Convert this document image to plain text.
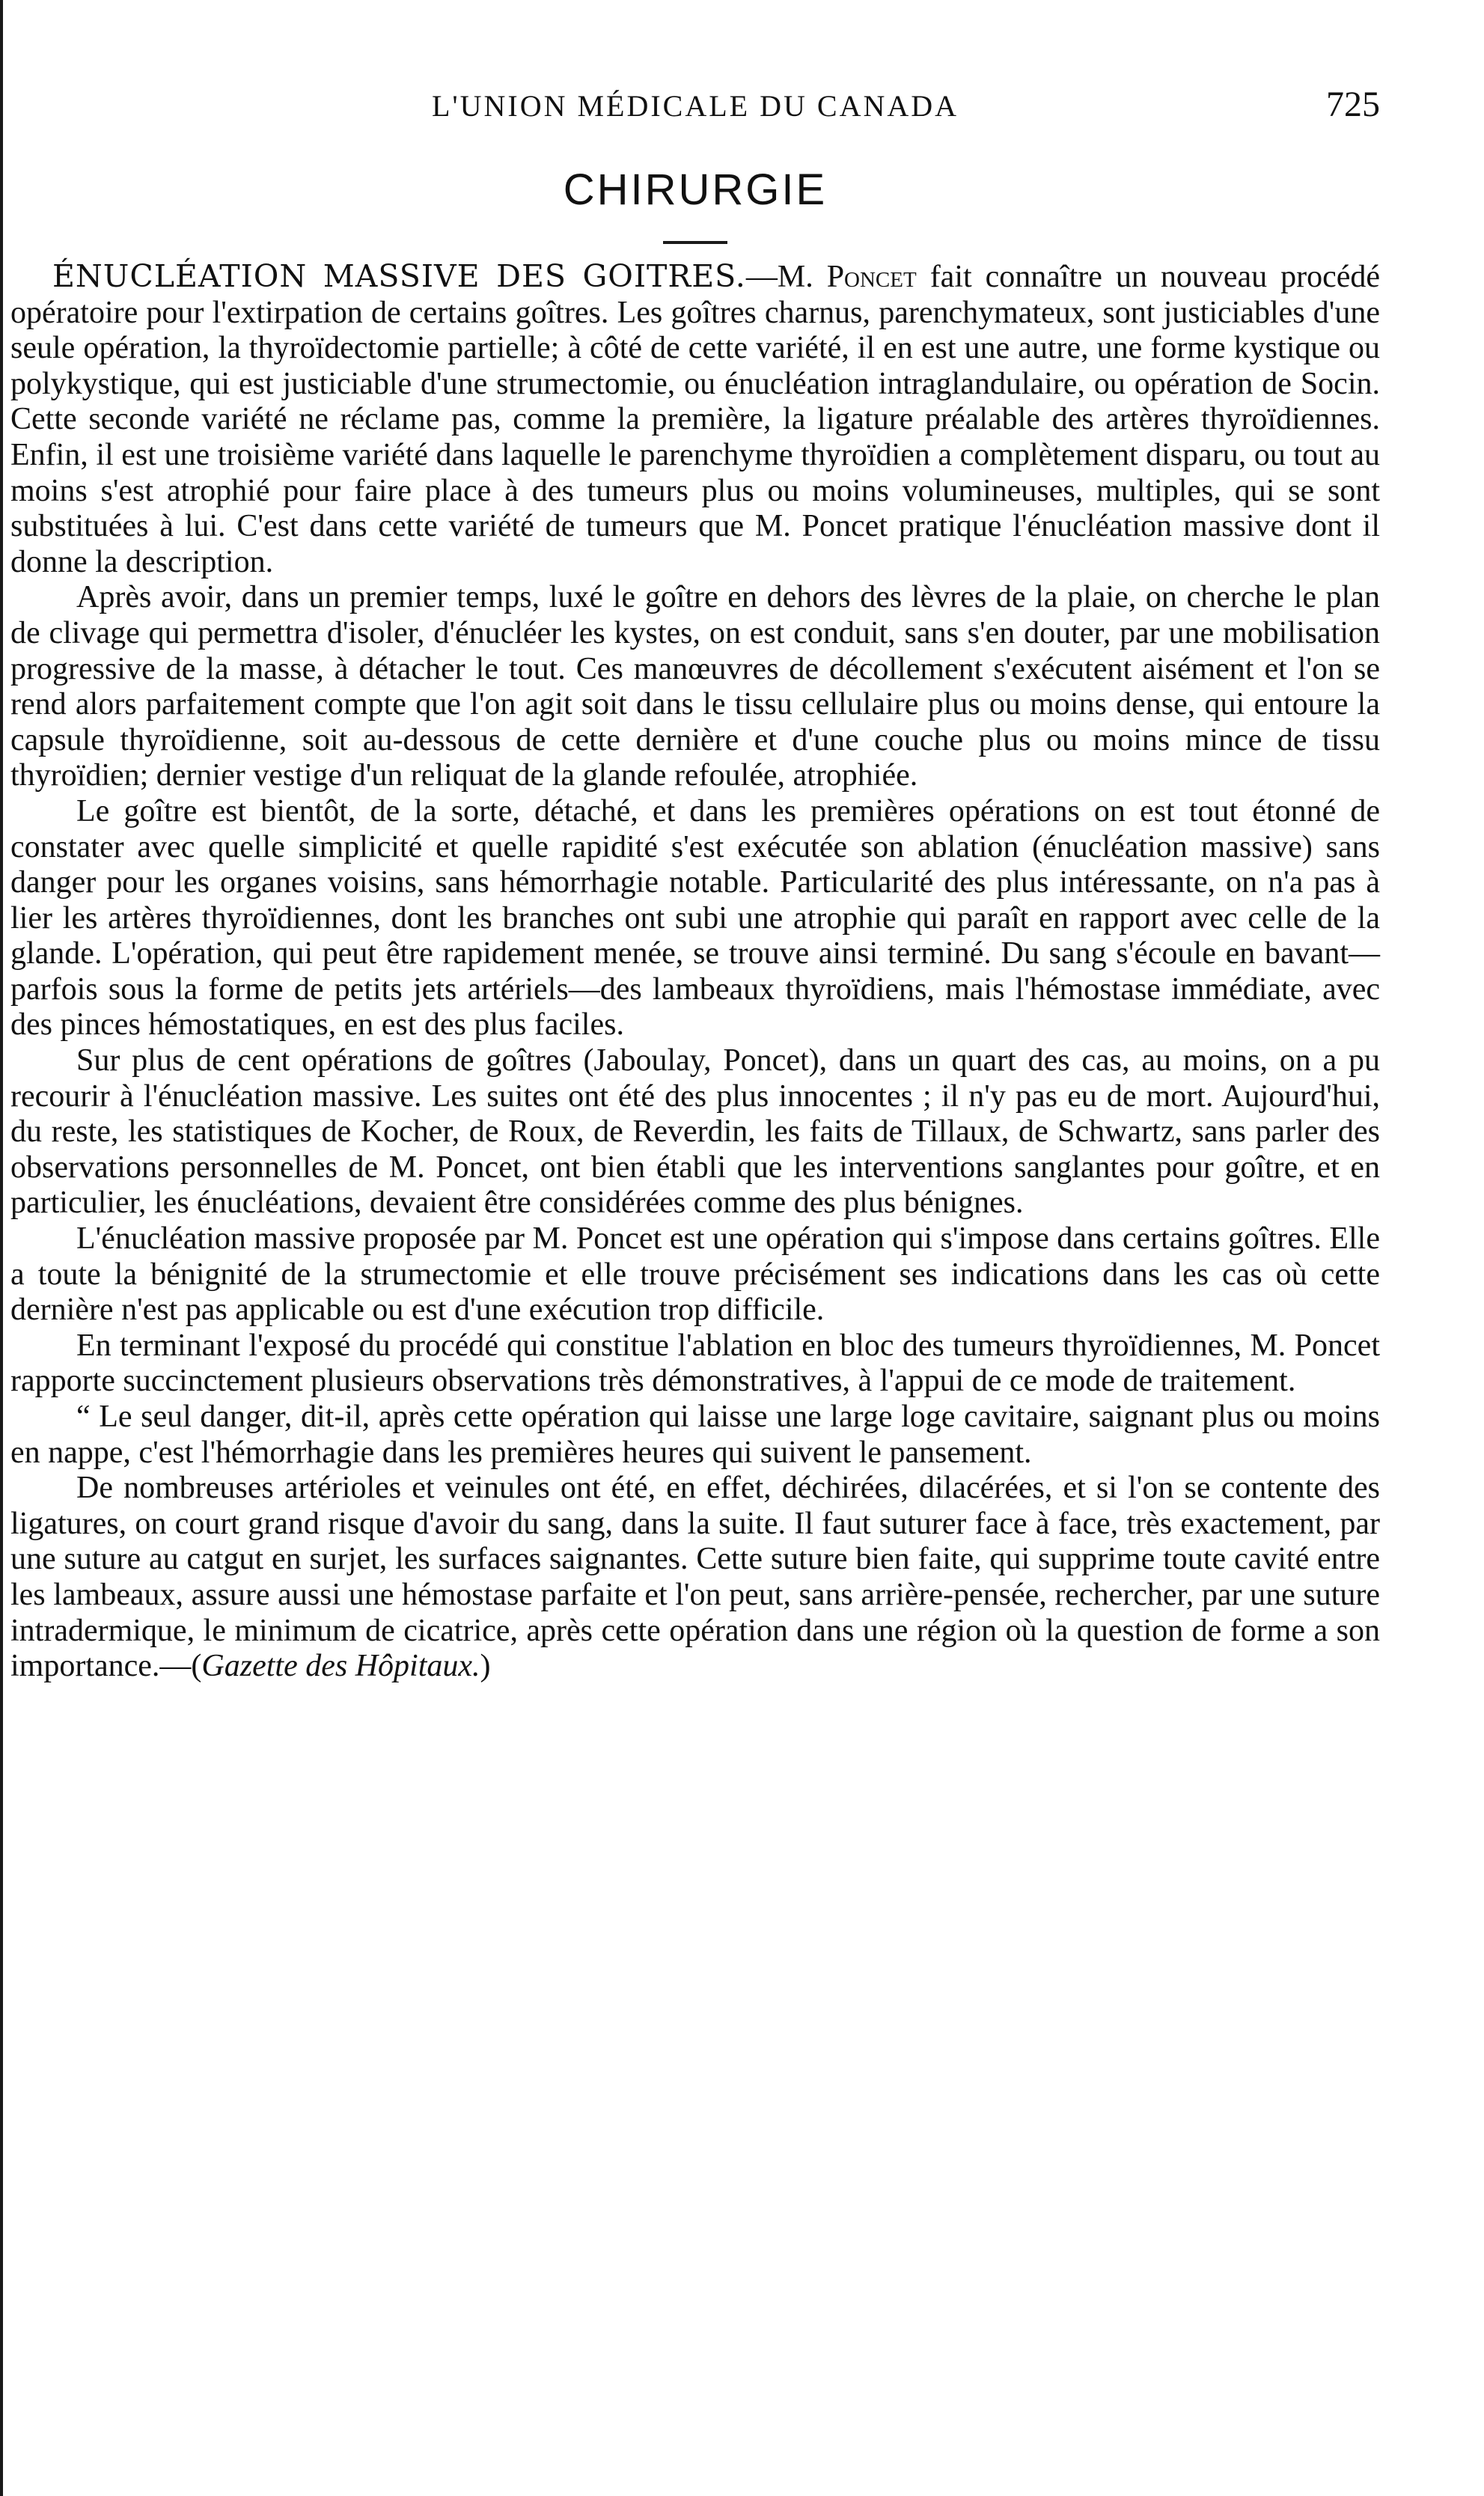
L'UNION MÉDICALE DU CANADA	725
CHIRURGIE

ÉNUCLÉATION MASSIVE DES GOITRES.—M. Poncet fait connaître un nouveau procédé opératoire pour l'extirpation de certains goîtres. Les goîtres charnus, parenchymateux, sont justiciables d'une seule opération, la thyroïdectomie partielle; à côté de cette variété, il en est une autre, une forme kystique ou polykystique, qui est justiciable d'une strumectomie, ou énucléation intraglandulaire, ou opération de Socin. Cette seconde variété ne réclame pas, comme la première, la ligature préalable des artères thyroïdiennes. Enfin, il est une troisième variété dans laquelle le parenchyme thyroïdien a complètement disparu, ou tout au moins s'est atrophié pour faire place à des tumeurs plus ou moins volumineuses, multiples, qui se sont substituées à lui. C'est dans cette variété de tumeurs que M. Poncet pratique l'énucléation massive dont il donne la description.

Après avoir, dans un premier temps, luxé le goître en dehors des lèvres de la plaie, on cherche le plan de clivage qui permettra d'isoler, d'énucléer les kystes, on est conduit, sans s'en douter, par une mobilisation progressive de la masse, à détacher le tout. Ces manœuvres de décollement s'exécutent aisément et l'on se rend alors parfaitement compte que l'on agit soit dans le tissu cellulaire plus ou moins dense, qui entoure la capsule thyroïdienne, soit au-dessous de cette dernière et d'une couche plus ou moins mince de tissu thyroïdien; dernier vestige d'un reliquat de la glande refoulée, atrophiée.

Le goître est bientôt, de la sorte, détaché, et dans les premières opérations on est tout étonné de constater avec quelle simplicité et quelle rapidité s'est exécutée son ablation (énucléation massive) sans danger pour les organes voisins, sans hémorrhagie notable. Particularité des plus intéressante, on n'a pas à lier les artères thyroïdiennes, dont les branches ont subi une atrophie qui paraît en rapport avec celle de la glande. L'opération, qui peut être rapidement menée, se trouve ainsi terminé. Du sang s'écoule en bavant—parfois sous la forme de petits jets artériels—des lambeaux thyroïdiens, mais l'hémostase immédiate, avec des pinces hémostatiques, en est des plus faciles.

Sur plus de cent opérations de goîtres (Jaboulay, Poncet), dans un quart des cas, au moins, on a pu recourir à l'énucléation massive. Les suites ont été des plus innocentes ; il n'y pas eu de mort. Aujourd'hui, du reste, les statistiques de Kocher, de Roux, de Reverdin, les faits de Tillaux, de Schwartz, sans parler des observations personnelles de M. Poncet, ont bien établi que les interventions sanglantes pour goître, et en particulier, les énucléations, devaient être considérées comme des plus bénignes.

L'énucléation massive proposée par M. Poncet est une opération qui s'impose dans certains goîtres. Elle a toute la bénignité de la strumectomie et elle trouve précisément ses indications dans les cas où cette dernière n'est pas applicable ou est d'une exécution trop difficile.

En terminant l'exposé du procédé qui constitue l'ablation en bloc des tumeurs thyroïdiennes, M. Poncet rapporte succinctement plusieurs observations très démonstratives, à l'appui de ce mode de traitement.

“ Le seul danger, dit-il, après cette opération qui laisse une large loge cavitaire, saignant plus ou moins en nappe, c'est l'hémorrhagie dans les premières heures qui suivent le pansement.

De nombreuses artérioles et veinules ont été, en effet, déchirées, dilacérées, et si l'on se contente des ligatures, on court grand risque d'avoir du sang, dans la suite. Il faut suturer face à face, très exactement, par une suture au catgut en surjet, les surfaces saignantes. Cette suture bien faite, qui supprime toute cavité entre les lambeaux, assure aussi une hémostase parfaite et l'on peut, sans arrière-pensée, rechercher, par une suture intradermique, le minimum de cicatrice, après cette opération dans une région où la question de forme a son importance.—(Gazette des Hôpitaux.)
